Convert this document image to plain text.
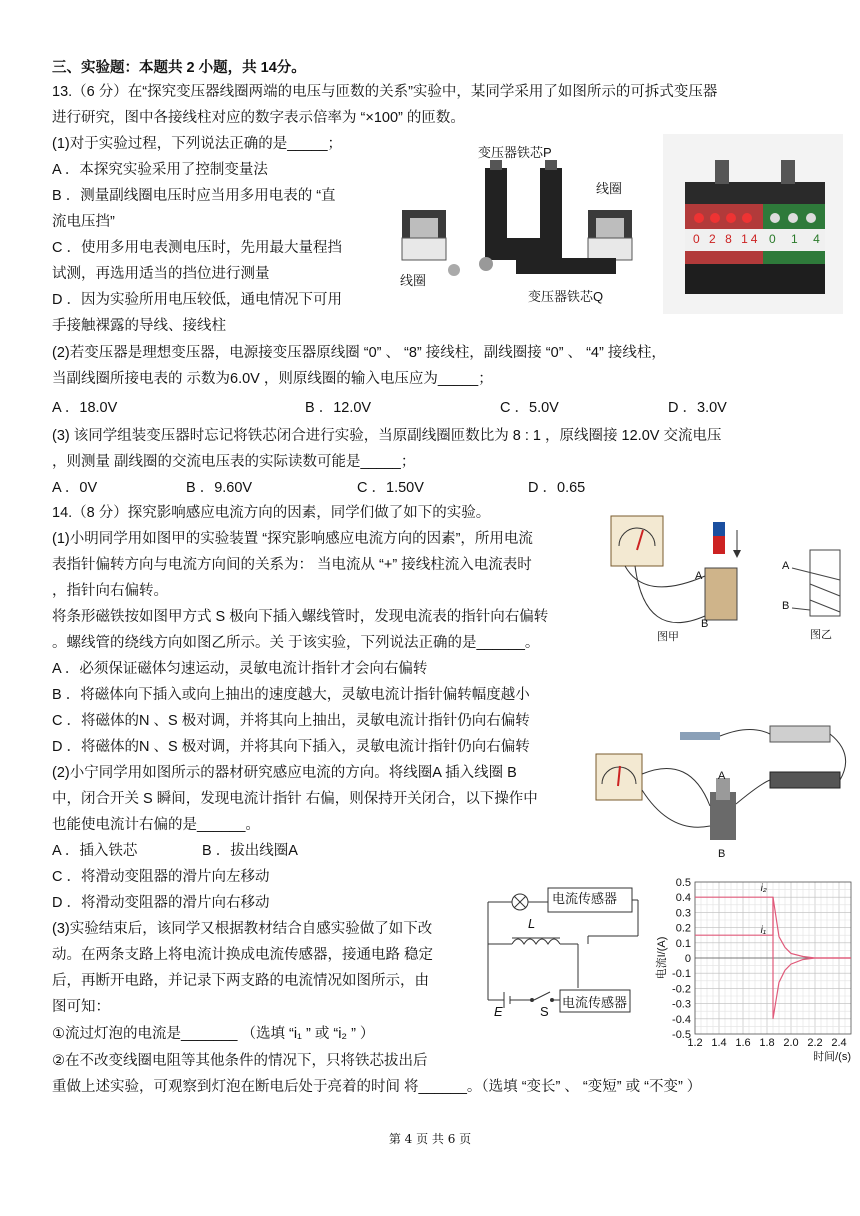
三、实验题：本题共 2 小题，共 14分。
13.（6 分）在“探究变压器线圈两端的电压与匝数的关系”实验中，某同学采用了如图所示的可拆式变压器
进行研究，图中各接线柱对应的数字表示倍率为 “×100” 的匝数。
(1)对于实验过程，下列说法正确的是_____；
A ．本探究实验采用了控制变量法
B ．测量副线圈电压时应当用多用电表的 “直
流电压挡”
C ．使用多用电表测电压时，先用最大量程挡
试测，再选用适当的挡位进行测量
D ．因为实验所用电压较低，通电情况下可用
手接触裸露的导线、接线柱
(2)若变压器是理想变压器，电源接变压器原线圈 “0” 、 “8” 接线柱，副线圈接 “0” 、 “4” 接线柱，
当副线圈所接电表的 示数为6.0V ，则原线圈的输入电压应为_____；
A ．18.0V	B ．12.0V	C ．5.0V	D ．3.0V
(3) 该同学组装变压器时忘记将铁芯闭合进行实验，当原副线圈匝数比为 8 : 1 ，原线圈接 12.0V 交流电压
，则测量 副线圈的交流电压表的实际读数可能是_____；
A ．0V	B ．9.60V	C ．1.50V	D ．0.65
变压器铁芯P
线圈
线圈
变压器铁芯Q
0 2 8 14 0 1 4
14.（8 分）探究影响感应电流方向的因素，同学们做了如下的实验。
(1)小明同学用如图甲的实验装置 “探究影响感应电流方向的因素”，所用电流
表指针偏转方向与电流方向间的关系为： 当电流从 “+” 接线柱流入电流表时
，指针向右偏转。
将条形磁铁按如图甲方式 S 极向下插入螺线管时，发现电流表的指针向右偏转
。螺线管的绕线方向如图乙所示。关 于该实验，下列说法正确的是______。
A ．必须保证磁体匀速运动，灵敏电流计指针才会向右偏转
B ．将磁体向下插入或向上抽出的速度越大，灵敏电流计指针偏转幅度越小
C ．将磁体的N 、S 极对调，并将其向上抽出，灵敏电流计指针仍向右偏转
D ．将磁体的N 、S 极对调，并将其向下插入，灵敏电流计指针仍向右偏转
(2)小宁同学用如图所示的器材研究感应电流的方向。将线圈A 插入线圈 B
中，闭合开关 S 瞬间，发现电流计指针 右偏，则保持开关闭合，以下操作中
也能使电流计右偏的是______。
A ．插入铁芯	B ．拔出线圈A
C ．将滑动变阻器的滑片向左移动
D ．将滑动变阻器的滑片向右移动
(3)实验结束后，该同学又根据教材结合自感实验做了如下改
动。在两条支路上将电流计换成电流传感器，接通电路 稳定
后，再断开电路，并记录下两支路的电流情况如图所示，由
图可知：
①流过灯泡的电流是_______ （选填 “i₁ ” 或 “i₂ ” ）
②在不改变线圈电阻等其他条件的情况下，只将铁芯拔出后
重做上述实验，可观察到灯泡在断电后处于亮着的时间 将______。（选填 “变长” 、 “变短” 或 “不变” ）
A
B
图甲
A
B
图乙
A
B
电流传感器
电流传感器
L
E	S
0.5
0.4
0.3
0.2
0.1
0
-0.1
-0.2
-0.3
-0.4
-0.5
1.2 1.4 1.6 1.8 2.0 2.2 2.4
时间/(s)
电流I/(A)
i₂
i₁
第 4 页 共 6 页
